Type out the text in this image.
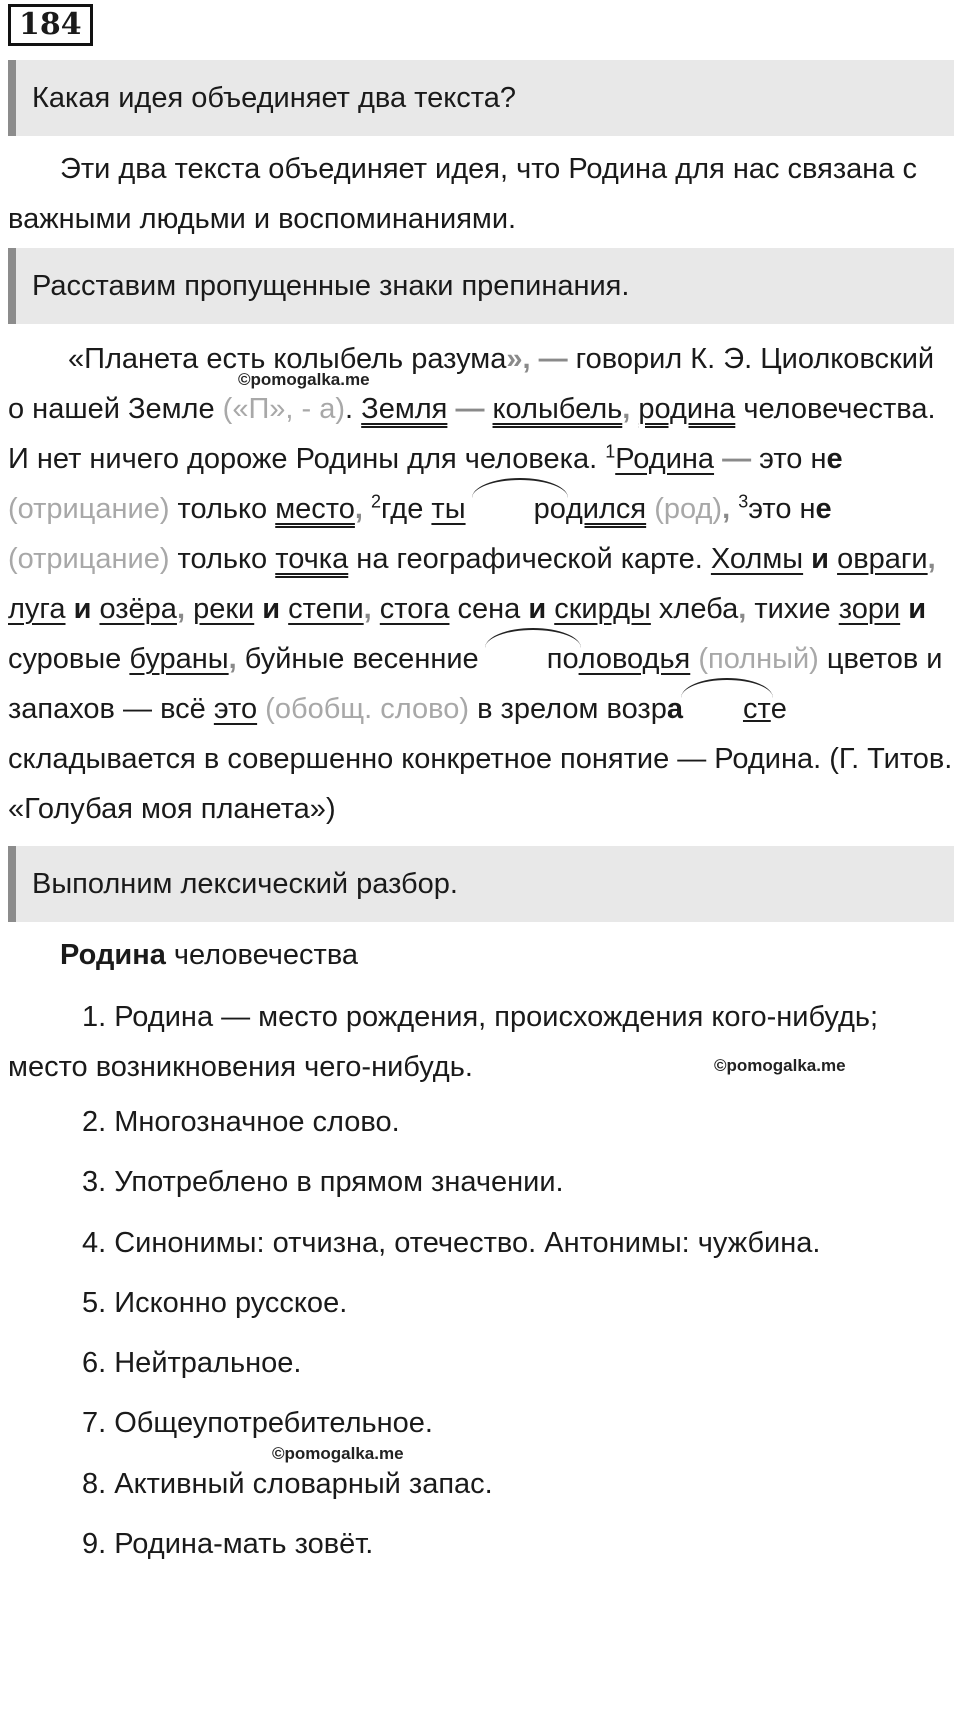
184
Какая идея объединяет два текста?
Эти два текста объединяет идея, что Родина для нас связана с важными людьми и воспоминаниями.
Расставим пропущенные знаки препинания.
«Планета есть колыбель разума», — говорил К. Э. Циолковский о нашей Земле («П», - а). Земля — колыбель, родина человечества. И нет ничего дороже Родины для человека. $^1$Родина — это не (отрицание) только место, $^2$где ты родился (род), $^3$это не (отрицание) только точка на географической карте. Холмы и овраги, луга и озёра, реки и степи, стога сена и скирды хлеба, тихие зори и суровые бураны, буйные весенние половодья (полный) цветов и запахов — всё это (обобщ. слово) в зрелом возра сте складывается в совершенно конкретное понятие — Родина. (Г. Титов. «Голубая моя планета»)
Выполним лексический разбор.
Родина человечества
1. Родина — место рождения, происхождения кого-нибудь; место возникновения чего-нибудь.
2. Многозначное слово.
3. Употреблено в прямом значении.
4. Синонимы: отчизна, отечество. Антонимы: чужбина.
5. Исконно русское.
6. Нейтральное.
7. Общеупотребительное.
8. Активный словарный запас.
9. Родина-мать зовёт.
©pomogalka.me
©pomogalka.me
©pomogalka.me
